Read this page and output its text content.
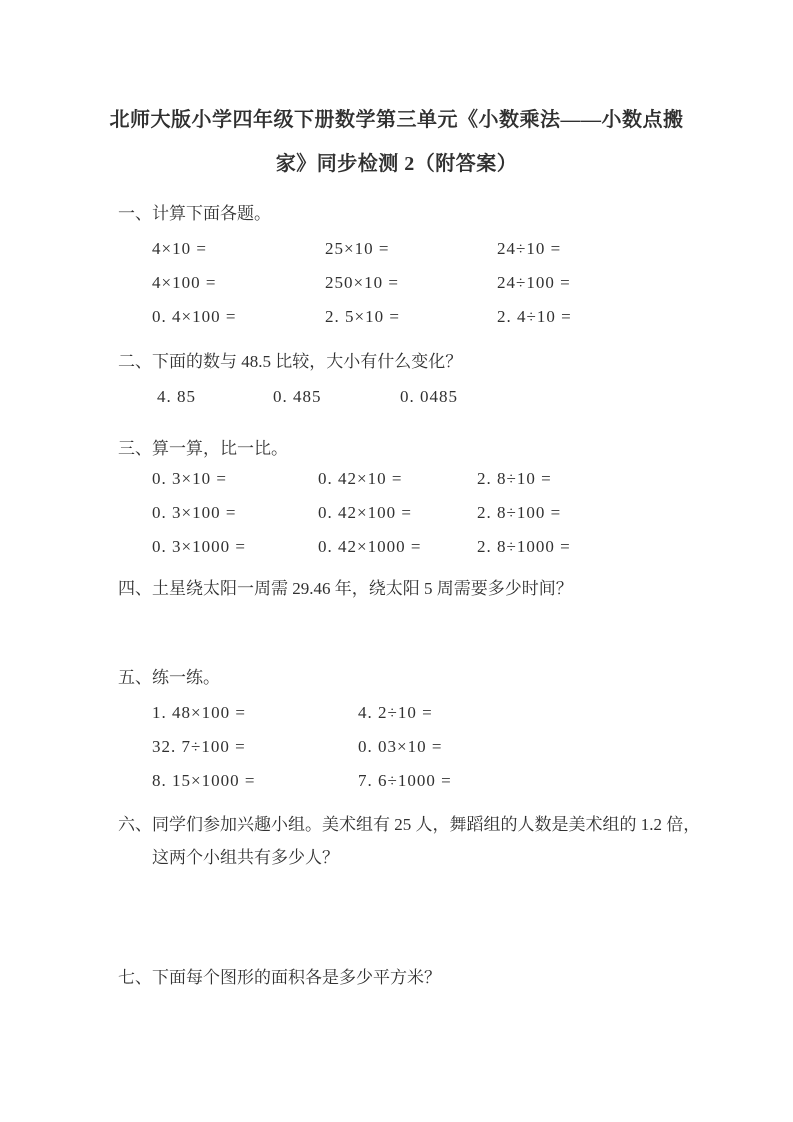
北师大版小学四年级下册数学第三单元《小数乘法——小数点搬
家》同步检测 2（附答案）
一、计算下面各题。
4×10 =	25×10 =	24÷10 =
4×100 =	250×10 =	24÷100 =
0. 4×100 =	2. 5×10 =	2. 4÷10 =
二、下面的数与 48.5 比较，大小有什么变化？
4. 85	0. 485	0. 0485
三、算一算，比一比。
0. 3×10 =	0. 42×10 =	2. 8÷10 =
0. 3×100 =	0. 42×100 =	2. 8÷100 =
0. 3×1000 =	0. 42×1000 =	2. 8÷1000 =
四、土星绕太阳一周需 29.46 年，绕太阳 5 周需要多少时间？
五、练一练。
1. 48×100 =	4. 2÷10 =
32. 7÷100 =	0. 03×10 =
8. 15×1000 =	7. 6÷1000 =
六、同学们参加兴趣小组。美术组有 25 人，舞蹈组的人数是美术组的 1.2 倍，
这两个小组共有多少人？
七、下面每个图形的面积各是多少平方米？
